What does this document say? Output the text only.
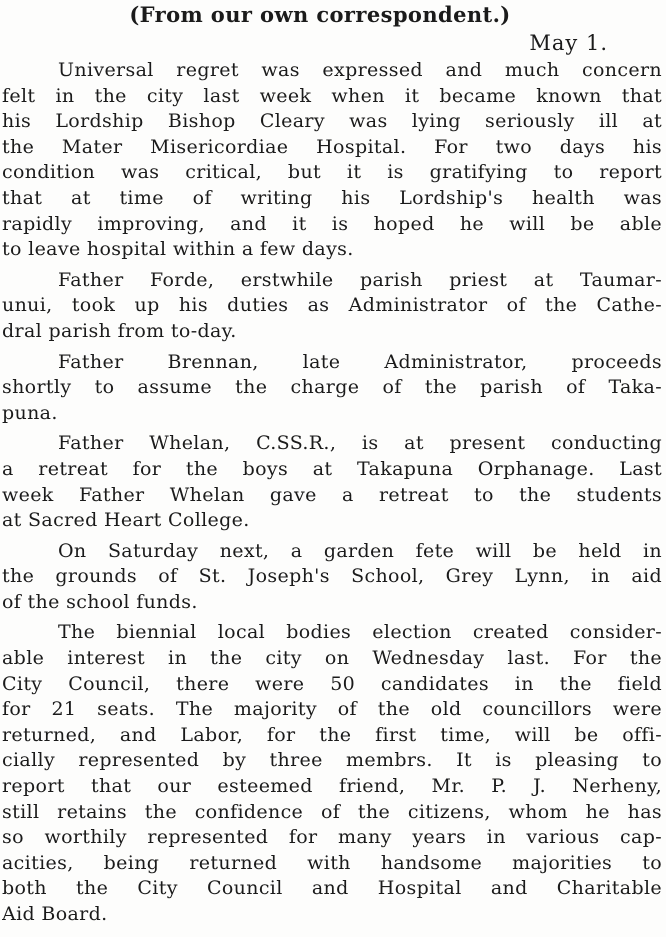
(From our own correspondent.)
May 1.
Universal regret was expressed and much concern
felt in the city last week when it became known that
his Lordship Bishop Cleary was lying seriously ill at
the Mater Misericordiae Hospital. For two days his
condition was critical, but it is gratifying to report
that at time of writing his Lordship's health was
rapidly improving, and it is hoped he will be able
to leave hospital within a few days.
Father Forde, erstwhile parish priest at Taumar-
unui, took up his duties as Administrator of the Cathe-
dral parish from to-day.
Father Brennan, late Administrator, proceeds
shortly to assume the charge of the parish of Taka-
puna.
Father Whelan, C.SS.R., is at present conducting
a retreat for the boys at Takapuna Orphanage. Last
week Father Whelan gave a retreat to the students
at Sacred Heart College.
On Saturday next, a garden fete will be held in
the grounds of St. Joseph's School, Grey Lynn, in aid
of the school funds.
The biennial local bodies election created consider-
able interest in the city on Wednesday last. For the
City Council, there were 50 candidates in the field
for 21 seats. The majority of the old councillors were
returned, and Labor, for the first time, will be offi-
cially represented by three membrs. It is pleasing to
report that our esteemed friend, Mr. P. J. Nerheny,
still retains the confidence of the citizens, whom he has
so worthily represented for many years in various cap-
acities, being returned with handsome majorities to
both the City Council and Hospital and Charitable
Aid Board.
